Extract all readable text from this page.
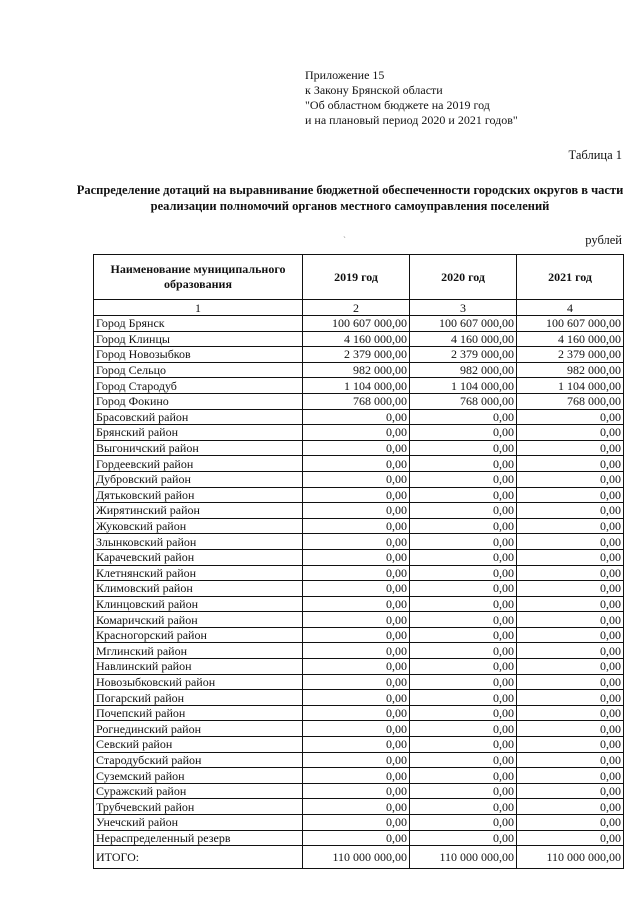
Приложение 15
к Закону Брянской области
"Об областном бюджете на 2019 год
и на плановый период 2020 и 2021 годов"
Таблица 1
Распределение дотаций на выравнивание бюджетной обеспеченности городских округов в части реализации полномочий органов местного самоуправления поселений
`	рублей
Наименование муниципального образования	2019 год	2020 год	2021 год
1	2	3	4
Город Брянск	100 607 000,00	100 607 000,00	100 607 000,00
Город Клинцы	4 160 000,00	4 160 000,00	4 160 000,00
Город Новозыбков	2 379 000,00	2 379 000,00	2 379 000,00
Город Сельцо	982 000,00	982 000,00	982 000,00
Город Стародуб	1 104 000,00	1 104 000,00	1 104 000,00
Город Фокино	768 000,00	768 000,00	768 000,00
Брасовский район	0,00	0,00	0,00
Брянский район	0,00	0,00	0,00
Выгоничский район	0,00	0,00	0,00
Гордеевский район	0,00	0,00	0,00
Дубровский район	0,00	0,00	0,00
Дятьковский район	0,00	0,00	0,00
Жирятинский район	0,00	0,00	0,00
Жуковский район	0,00	0,00	0,00
Злынковский район	0,00	0,00	0,00
Карачевский район	0,00	0,00	0,00
Клетнянский район	0,00	0,00	0,00
Климовский район	0,00	0,00	0,00
Клинцовский район	0,00	0,00	0,00
Комаричский район	0,00	0,00	0,00
Красногорский район	0,00	0,00	0,00
Мглинский район	0,00	0,00	0,00
Навлинский район	0,00	0,00	0,00
Новозыбковский район	0,00	0,00	0,00
Погарский район	0,00	0,00	0,00
Почепский район	0,00	0,00	0,00
Рогнединский район	0,00	0,00	0,00
Севский район	0,00	0,00	0,00
Стародубский район	0,00	0,00	0,00
Суземский район	0,00	0,00	0,00
Суражский район	0,00	0,00	0,00
Трубчевский район	0,00	0,00	0,00
Унечский район	0,00	0,00	0,00
Нераспределенный резерв	0,00	0,00	0,00
ИТОГО:	110 000 000,00	110 000 000,00	110 000 000,00
